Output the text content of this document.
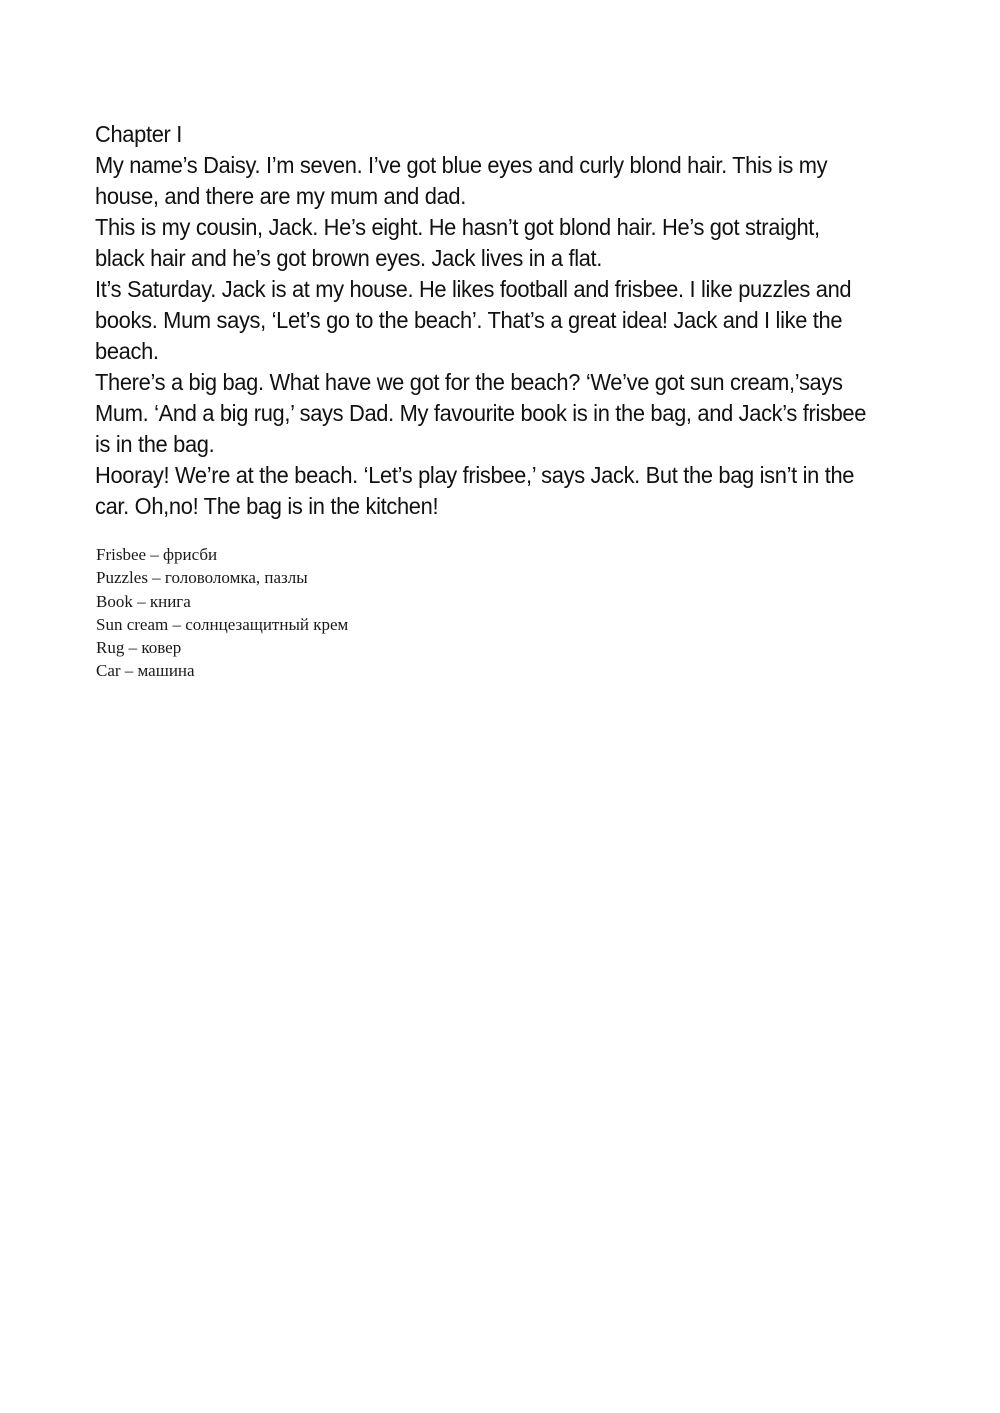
Chapter I

My name’s Daisy. I’m seven. I’ve got blue eyes and curly blond hair. This is my house, and there are my mum and dad.

This is my cousin, Jack. He’s eight. He hasn’t got blond hair. He’s got straight, black hair and he’s got brown eyes. Jack lives in a flat.

It’s Saturday. Jack is at my house. He likes football and frisbee. I like puzzles and books. Mum says, ‘Let’s go to the beach’. That’s a great idea! Jack and I like the beach.

There’s a big bag. What have we got for the beach? ‘We’ve got sun cream,’says Mum. ‘And a big rug,’ says Dad. My favourite book is in the bag, and Jack’s frisbee is in the bag.

Hooray! We’re at the beach. ‘Let’s play frisbee,’ says Jack. But the bag isn’t in the car. Oh,no! The bag is in the kitchen!

Frisbee – фрисби
Puzzles – головоломка, пазлы
Book – книга
Sun cream – солнцезащитный крем
Rug – ковер
Car – машина
